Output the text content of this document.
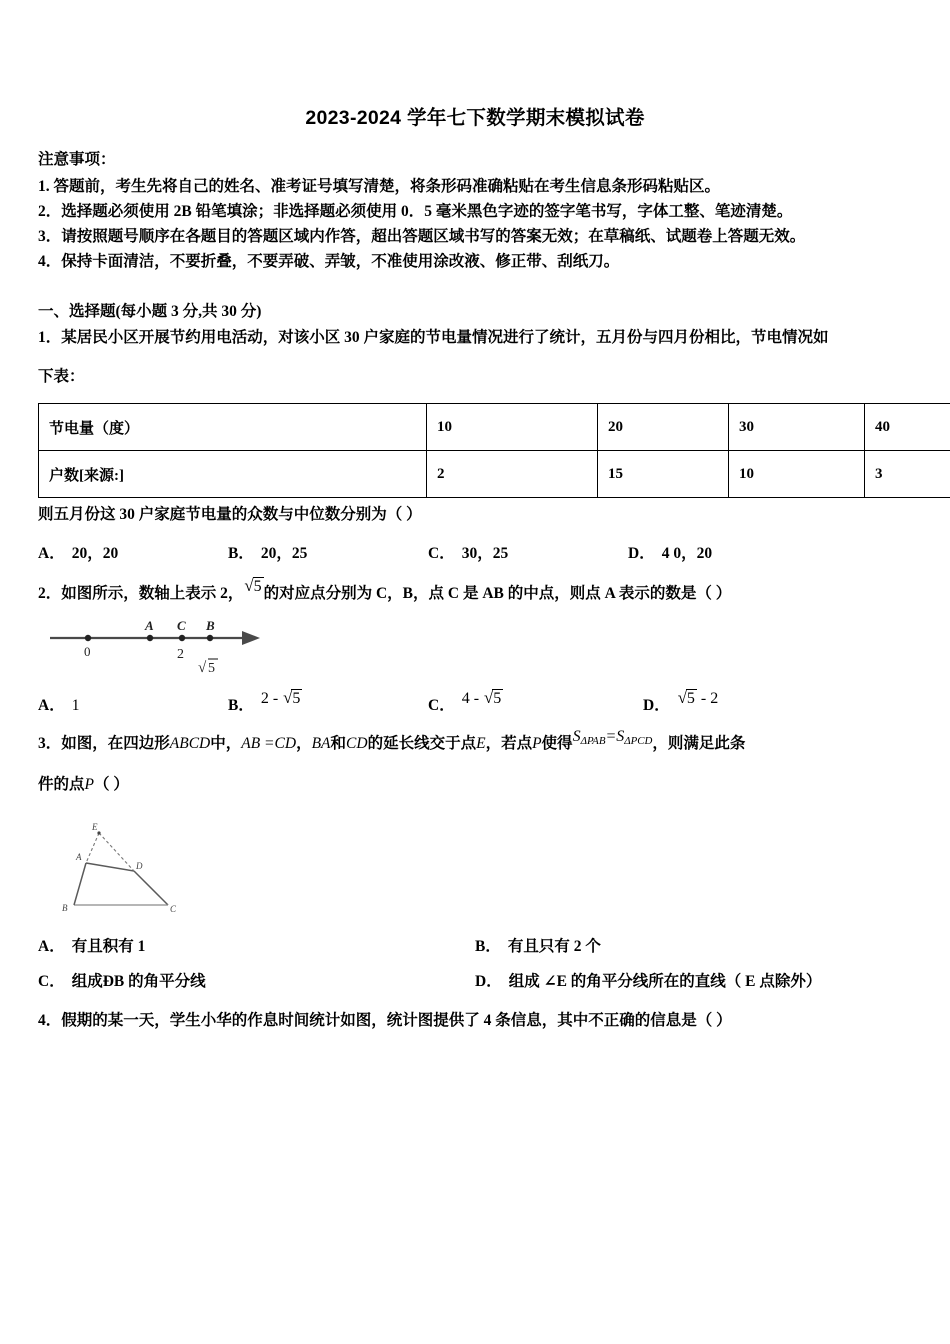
2023-2024 学年七下数学期末模拟试卷
注意事项：
1. 答题前，考生先将自己的姓名、准考证号填写清楚，将条形码准确粘贴在考生信息条形码粘贴区。
2．选择题必须使用 2B 铅笔填涂；非选择题必须使用 0．5 毫米黑色字迹的签字笔书写，字体工整、笔迹清楚。
3．请按照题号顺序在各题目的答题区域内作答，超出答题区域书写的答案无效；在草稿纸、试题卷上答题无效。
4．保持卡面清洁，不要折叠，不要弄破、弄皱，不准使用涂改液、修正带、刮纸刀。
一、选择题(每小题 3 分,共 30 分)
1．某居民小区开展节约用电活动，对该小区 30 户家庭的节电量情况进行了统计，五月份与四月份相比，节电情况如
下表：
节电量（度）	10	20	30	40
户数[来源:]	2	15	10	3
则五月份这 30 户家庭节电量的众数与中位数分别为（ ）
A． 20，20	B． 20，25	C． 30，25	D． 4 0，20
2．如图所示，数轴上表示 2，√5 的对应点分别为 C，B，点 C 是 AB 的中点，则点 A 表示的数是（ ）
0
A C B
2
√ 5
A． 1	B． 2 - √5	C． 4 - √5	D． √5 - 2
3．如图，在四边形ABCD中，AB =CD，BA和CD的延长线交于点E，若点P使得SΔPAB=SΔPCD，则满足此条
件的点P（ ）
E
A
D
B	C
A． 有且积有 1	B． 有且只有 2 个
C． 组成ÐB 的角平分线	D． 组成 ∠E 的角平分线所在的直线（ E 点除外）
4．假期的某一天，学生小华的作息时间统计如图，统计图提供了 4 条信息，其中不正确的信息是（ ）
